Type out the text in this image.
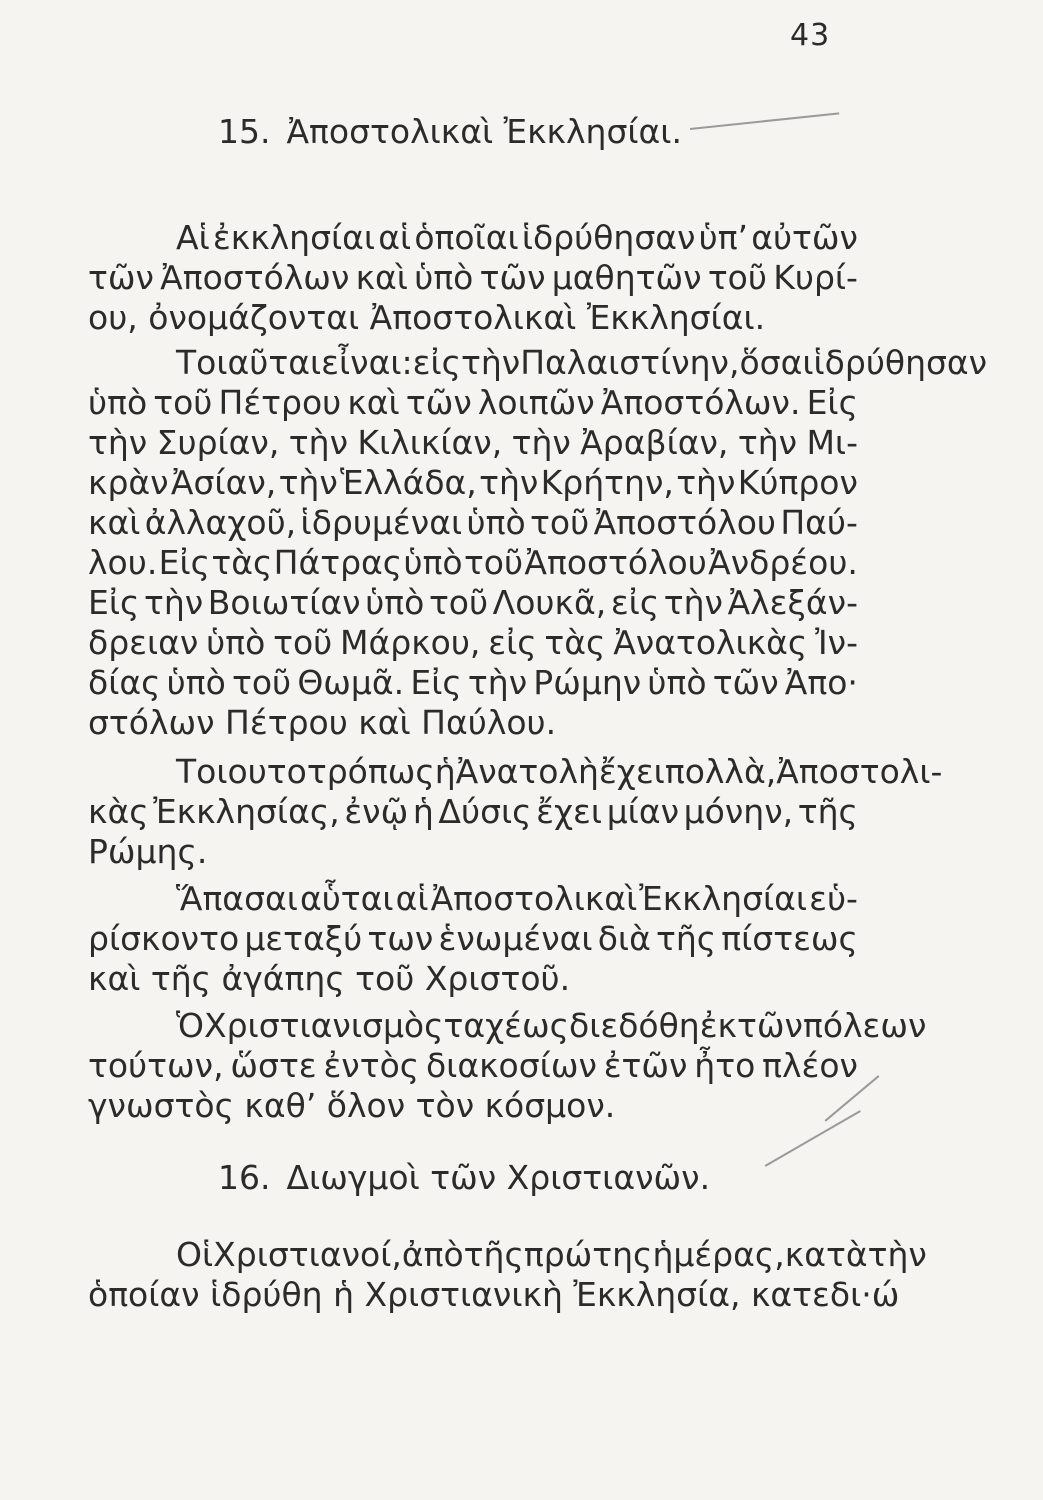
43
15. Ἀποστολικαὶ Ἐκκλησίαι.
Αἱ ἐκκλησίαι αἱ ὁποῖαι ἱδρύθησαν ὑπ’ αὐτῶν
τῶν Ἀποστόλων καὶ ὑπὸ τῶν μαθητῶν τοῦ Κυρί-
ου, ὀνομάζονται Ἀποστολικαὶ Ἐκκλησίαι.
Τοιαῦται εἶναι: εἰς τὴν Παλαιστίνην, ὅσαι ἱδρύθησαν
ὑπὸ τοῦ Πέτρου καὶ τῶν λοιπῶν Ἀποστόλων. Εἰς
τὴν Συρίαν, τὴν Κιλικίαν, τὴν Ἀραβίαν, τὴν Μι-
κρὰν Ἀσίαν, τὴν Ἑλλάδα, τὴν Κρήτην, τὴν Κύπρον
καὶ ἀλλαχοῦ, ἱδρυμέναι ὑπὸ τοῦ Ἀποστόλου Παύ-
λου. Εἰς τὰς Πάτρας ὑπὸ τοῦ Ἀποστόλου Ἀνδρέου.
Εἰς τὴν Βοιωτίαν ὑπὸ τοῦ Λουκᾶ, εἰς τὴν Ἀλεξάν-
δρειαν ὑπὸ τοῦ Μάρκου, εἰς τὰς Ἀνατολικὰς Ἰν-
δίας ὑπὸ τοῦ Θωμᾶ. Εἰς τὴν Ρώμην ὑπὸ τῶν Ἀπο·
στόλων Πέτρου καὶ Παύλου.
Τοιουτοτρόπως ἡ Ἀνατολὴ ἔχει πολλὰ, Ἀποστολι-
κὰς Ἐκκλησίας, ἐνῷ ἡ Δύσις ἔχει μίαν μόνην, τῆς
Ρώμης.
Ἅπασαι αὗται αἱ Ἀποστολικαὶ Ἐκκλησίαι εὑ-
ρίσκοντο μεταξύ των ἑνωμέναι διὰ τῆς πίστεως
καὶ τῆς ἀγάπης τοῦ Χριστοῦ.
Ὁ Χριστιανισμὸς ταχέως διεδόθη ἐκ τῶν πόλεων
τούτων, ὥστε ἐντὸς διακοσίων ἐτῶν ἦτο πλέον
γνωστὸς καθ’ ὅλον τὸν κόσμον.
16. Διωγμοὶ τῶν Χριστιανῶν.
Οἱ Χριστιανοί, ἀπὸ τῆς πρώτης ἡμέρας, κατὰ τὴν
ὁποίαν ἱδρύθη ἡ Χριστιανικὴ Ἐκκλησία, κατεδι·ώ
